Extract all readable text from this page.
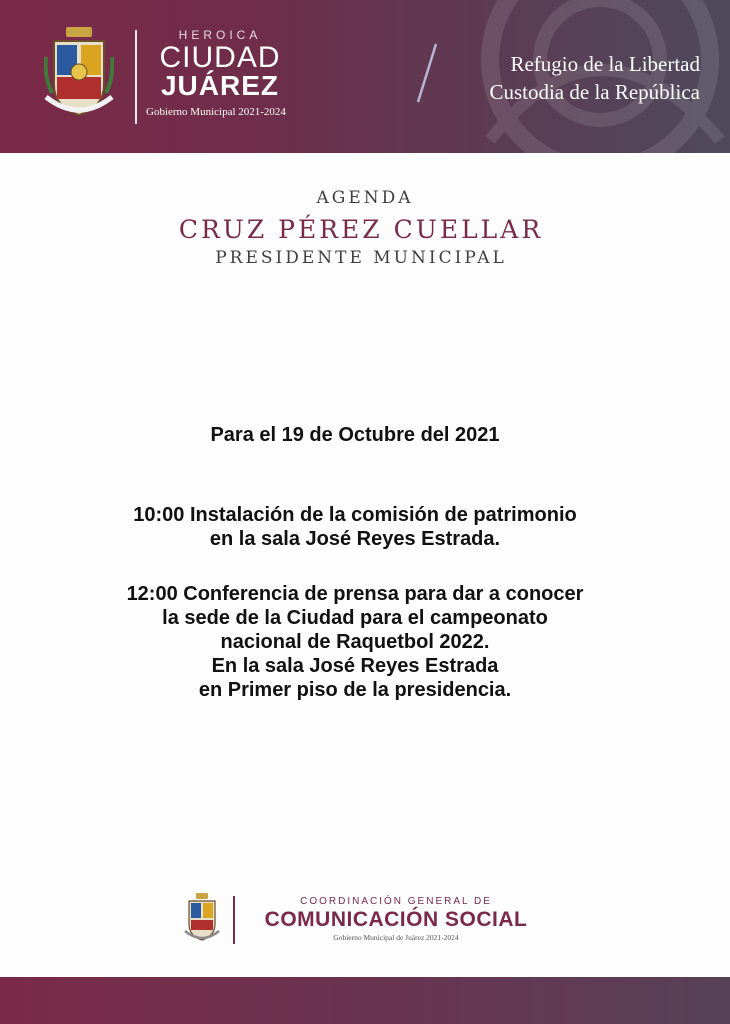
HEROICA
CIUDAD
JUÁREZ
Gobierno Municipal 2021-2024
Refugio de la Libertad
Custodia de la República
AGENDA
CRUZ PÉREZ CUELLAR
PRESIDENTE MUNICIPAL
Para el 19 de Octubre del 2021
10:00 Instalación de la comisión de patrimonio
en la sala José Reyes Estrada.
12:00 Conferencia de prensa para dar a conocer
la sede de la Ciudad para el campeonato
nacional de Raquetbol 2022.
En la sala José Reyes Estrada
en Primer piso de la presidencia.
COORDINACIÓN GENERAL DE
COMUNICACIÓN SOCIAL
Gobierno Municipal de Juárez 2021-2024
